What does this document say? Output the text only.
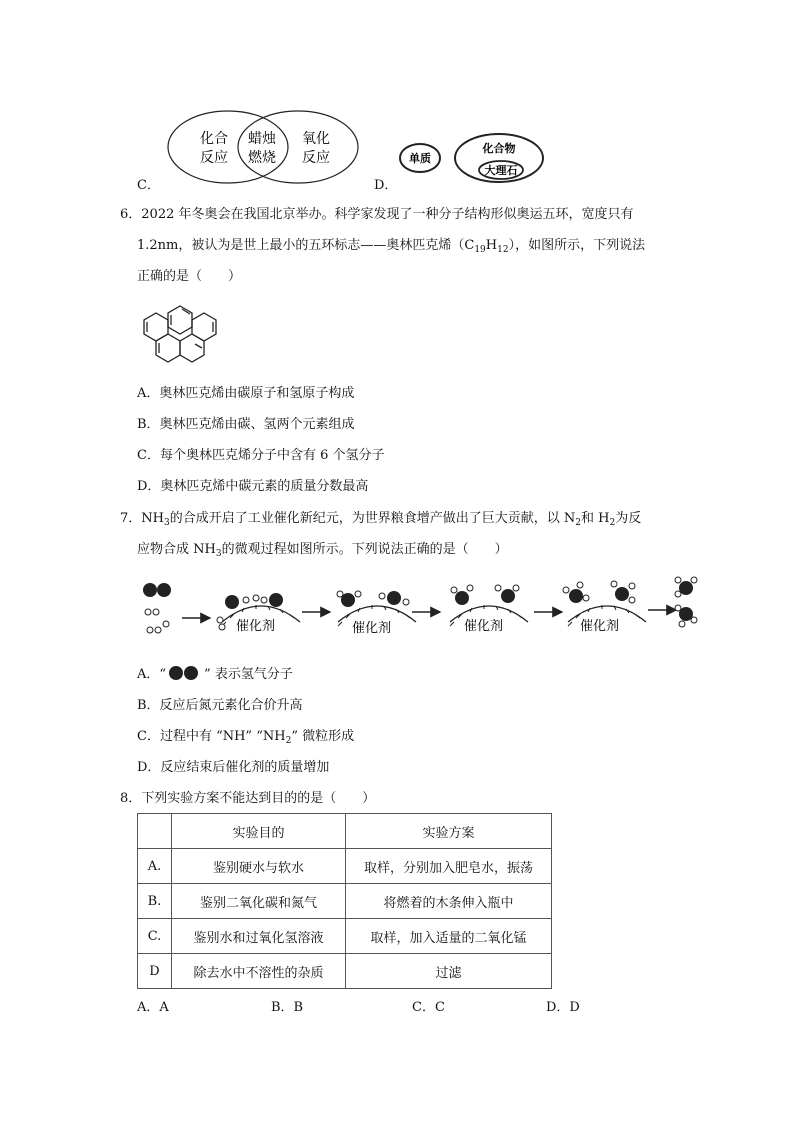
C．
化合
反应
蜡烛
燃烧
氧化
反应
D．
单质
化合物
大理石
6．2022 年冬奥会在我国北京举办。科学家发现了一种分子结构形似奥运五环，宽度只有
1.2nm，被认为是世上最小的五环标志——奥林匹克烯$(C_{19}H_{12})$，如图所示，下列说法
正确的是（　　）
A．奥林匹克烯由碳原子和氢原子构成
B．奥林匹克烯由碳、氢两个元素组成
C．每个奥林匹克烯分子中含有 6 个氢分子
D．奥林匹克烯中碳元素的质量分数最高
7．$NH_3$的合成开启了工业催化新纪元，为世界粮食增产做出了巨大贡献，以 $N_2$和 $H_2$为反
应物合成 $NH_3$的微观过程如图所示。下列说法正确的是（　　）
催化剂	催化剂	催化剂	催化剂
A．“	” 表示氢气分子
B．反应后氮元素化合价升高
C．过程中有 “NH” “$NH_2$” 微粒形成
D．反应结束后催化剂的质量增加
8．下列实验方案不能达到目的的是（　　）
	实验目的	实验方案
A.	鉴别硬水与软水	取样，分别加入肥皂水，振荡
B.	鉴别二氧化碳和氮气	将燃着的木条伸入瓶中
C.	鉴别水和过氧化氢溶液	取样，加入适量的二氧化锰
D	除去水中不溶性的杂质	过滤
A．A	B．B	C．C	D．D
